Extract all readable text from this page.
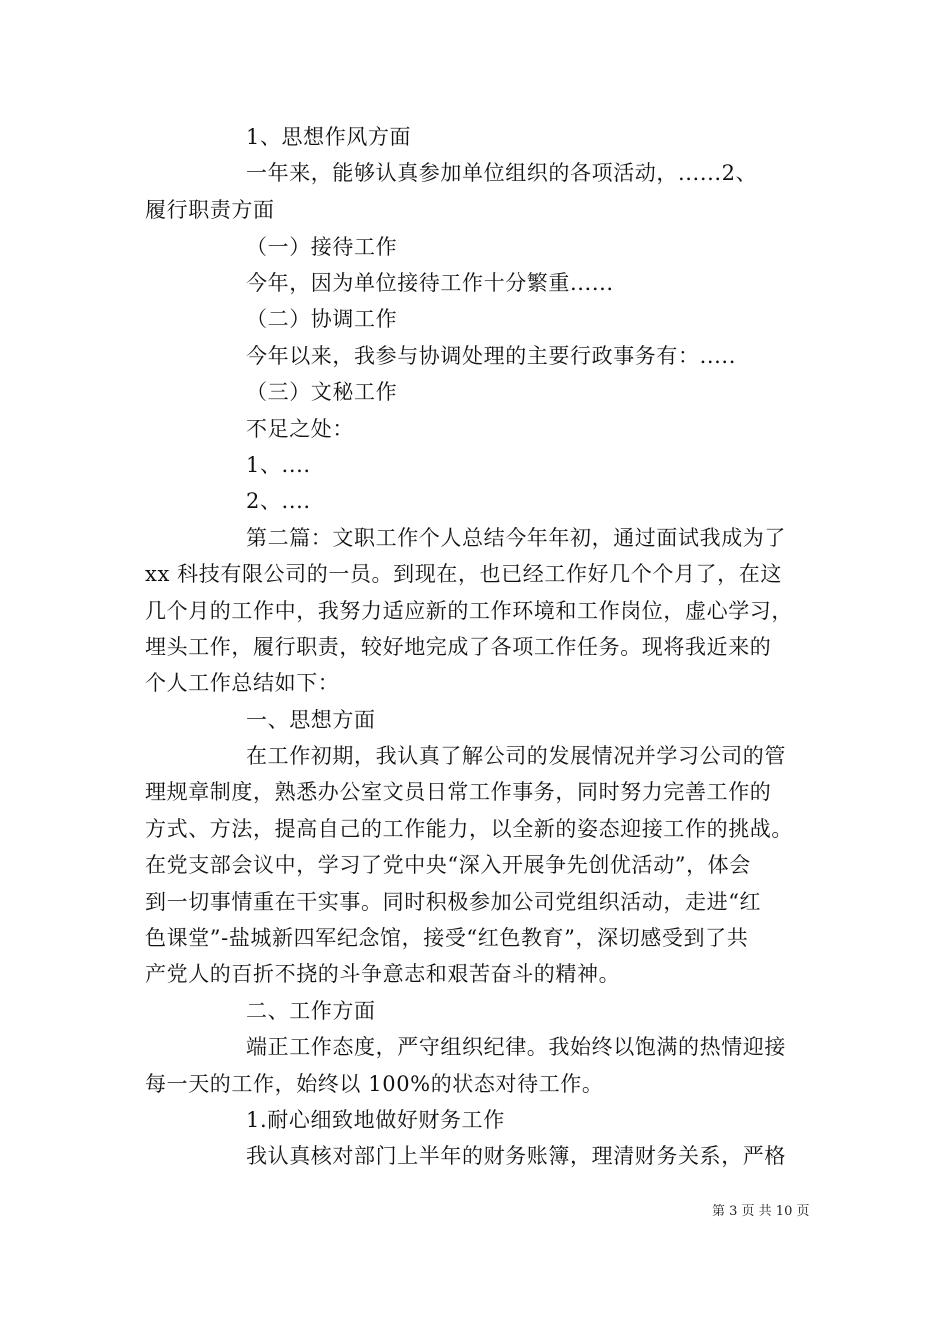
1、思想作风方面
一年来，能够认真参加单位组织的各项活动，......2、
履行职责方面
（一）接待工作
今年，因为单位接待工作十分繁重......
（二）协调工作
今年以来，我参与协调处理的主要行政事务有：.....
（三）文秘工作
不足之处：
1、....
2、....
第二篇：文职工作个人总结今年年初，通过面试我成为了
xx 科技有限公司的一员。到现在，也已经工作好几个个月了，在这
几个月的工作中，我努力适应新的工作环境和工作岗位，虚心学习，
埋头工作，履行职责，较好地完成了各项工作任务。现将我近来的
个人工作总结如下：
一、思想方面
在工作初期，我认真了解公司的发展情况并学习公司的管
理规章制度，熟悉办公室文员日常工作事务，同时努力完善工作的
方式、方法，提高自己的工作能力，以全新的姿态迎接工作的挑战。
在党支部会议中，学习了党中央“深入开展争先创优活动”，体会
到一切事情重在干实事。同时积极参加公司党组织活动，走进“红
色课堂”-盐城新四军纪念馆，接受“红色教育”，深切感受到了共
产党人的百折不挠的斗争意志和艰苦奋斗的精神。
二、工作方面
端正工作态度，严守组织纪律。我始终以饱满的热情迎接
每一天的工作，始终以 100%的状态对待工作。
1.耐心细致地做好财务工作
我认真核对部门上半年的财务账簿，理清财务关系，严格
第 3 页 共 10 页
